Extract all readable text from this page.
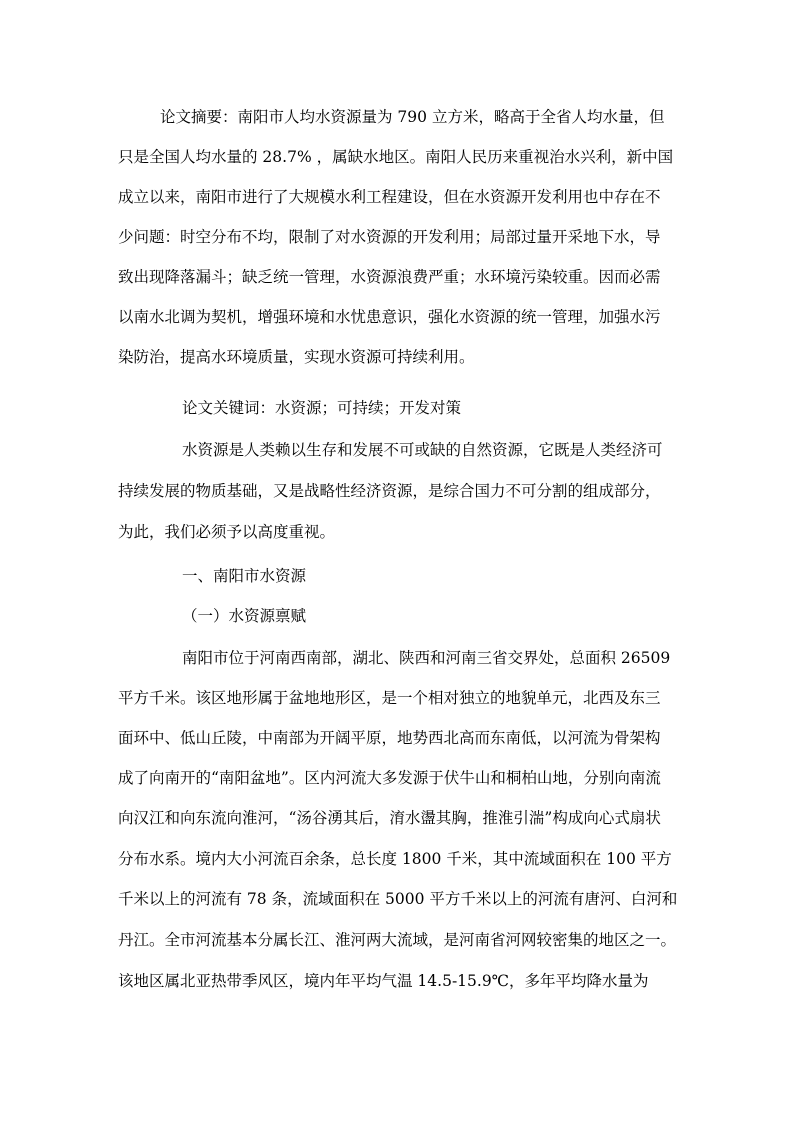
论文摘要：南阳市人均水资源量为 790 立方米，略高于全省人均水量，但
只是全国人均水量的 28.7% ，属缺水地区。南阳人民历来重视治水兴利，新中国
成立以来，南阳市进行了大规模水利工程建设，但在水资源开发利用也中存在不
少问题：时空分布不均，限制了对水资源的开发利用；局部过量开采地下水，导
致出现降落漏斗；缺乏统一管理，水资源浪费严重；水环境污染较重。因而必需
以南水北调为契机，增强环境和水忧患意识，强化水资源的统一管理，加强水污
染防治，提高水环境质量，实现水资源可持续利用。
论文关键词：水资源；可持续；开发对策
水资源是人类赖以生存和发展不可或缺的自然资源，它既是人类经济可
持续发展的物质基础，又是战略性经济资源，是综合国力不可分割的组成部分，
为此，我们必须予以高度重视。
一、南阳市水资源
（一）水资源禀赋
南阳市位于河南西南部，湖北、陕西和河南三省交界处，总面积 26509
平方千米。该区地形属于盆地地形区，是一个相对独立的地貌单元，北西及东三
面环中、低山丘陵，中南部为开阔平原，地势西北高而东南低，以河流为骨架构
成了向南开的“南阳盆地”。区内河流大多发源于伏牛山和桐柏山地，分别向南流
向汉江和向东流向淮河，“汤谷湧其后，淯水盪其胸，推淮引湍”构成向心式扇状
分布水系。境内大小河流百余条，总长度 1800 千米，其中流域面积在 100 平方
千米以上的河流有 78 条，流域面积在 5000 平方千米以上的河流有唐河、白河和
丹江。全市河流基本分属长江、淮河两大流域，是河南省河网较密集的地区之一。
该地区属北亚热带季风区，境内年平均气温 14.5-15.9℃，多年平均降水量为
